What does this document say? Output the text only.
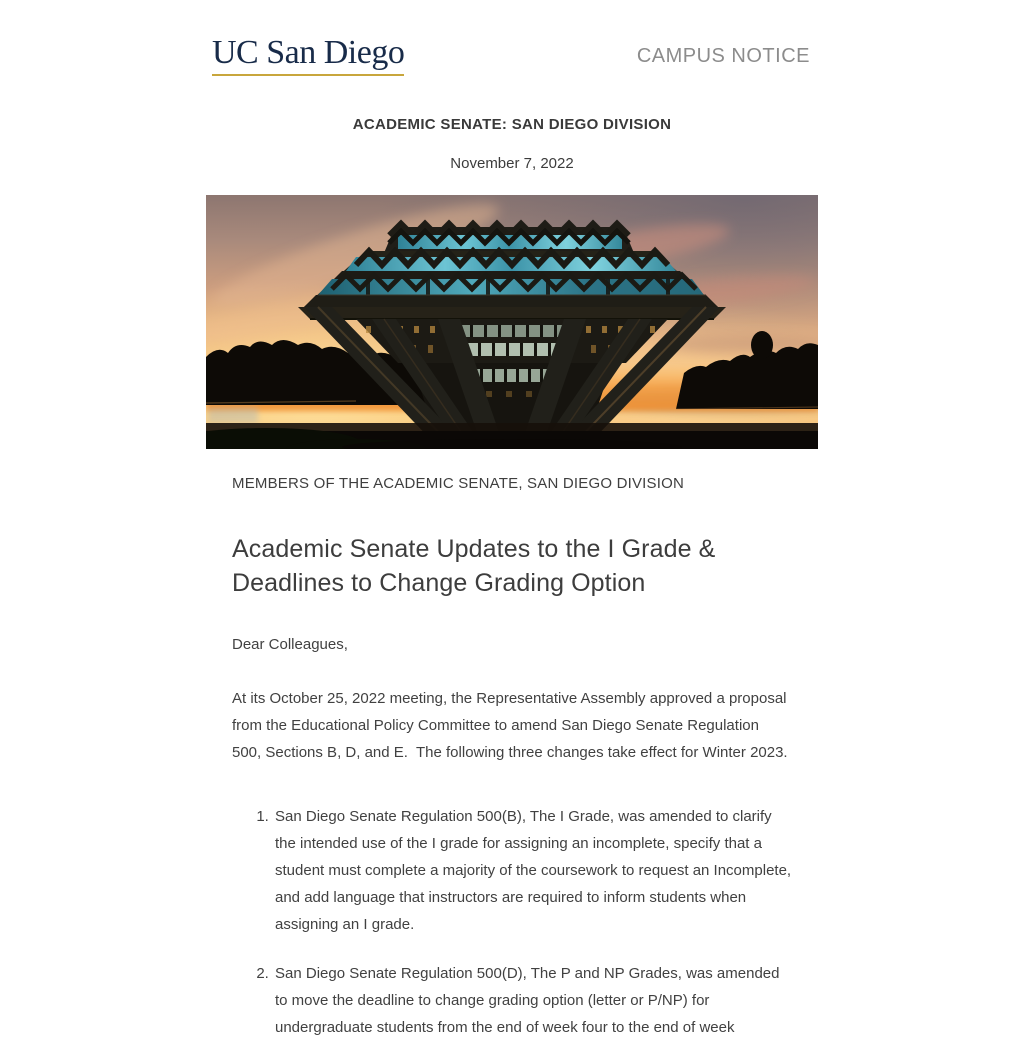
UC San Diego	CAMPUS NOTICE
ACADEMIC SENATE: SAN DIEGO DIVISION
November 7, 2022

MEMBERS OF THE ACADEMIC SENATE, SAN DIEGO DIVISION

Academic Senate Updates to the I Grade & Deadlines to Change Grading Option

Dear Colleagues,

At its October 25, 2022 meeting, the Representative Assembly approved a proposal from the Educational Policy Committee to amend San Diego Senate Regulation 500, Sections B, D, and E.  The following three changes take effect for Winter 2023.

1. San Diego Senate Regulation 500(B), The I Grade, was amended to clarify the intended use of the I grade for assigning an incomplete, specify that a student must complete a majority of the coursework to request an Incomplete, and add language that instructors are required to inform students when assigning an I grade.
2. San Diego Senate Regulation 500(D), The P and NP Grades, was amended to move the deadline to change grading option (letter or P/NP) for undergraduate students from the end of week four to the end of week
